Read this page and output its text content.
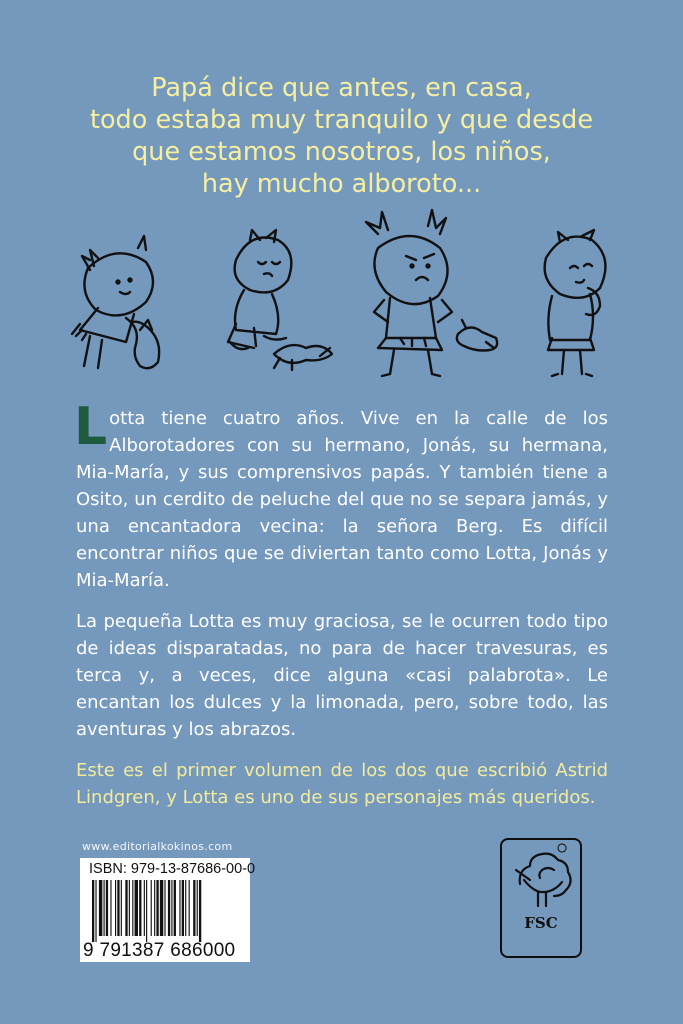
Papá dice que antes, en casa,
todo estaba muy tranquilo y que desde
que estamos nosotros, los niños,
hay mucho alboroto...

Lotta tiene cuatro años. Vive en la calle de los Alborotadores con su hermano, Jonás, su hermana, Mia-María, y sus comprensivos papás. Y también tiene a Osito, un cerdito de peluche del que no se separa jamás, y una encantadora vecina: la señora Berg. Es difícil encontrar niños que se diviertan tanto como Lotta, Jonás y Mia-María.

La pequeña Lotta es muy graciosa, se le ocurren todo tipo de ideas disparatadas, no para de hacer travesuras, es terca y, a veces, dice alguna «casi palabrota». Le encantan los dulces y la limonada, pero, sobre todo, las aventuras y los abrazos.

Este es el primer volumen de los dos que escribió Astrid Lindgren, y Lotta es uno de sus personajes más queridos.

www.editorialkokinos.com
ISBN: 979-13-87686-00-0
9 791387 686000
FSC
